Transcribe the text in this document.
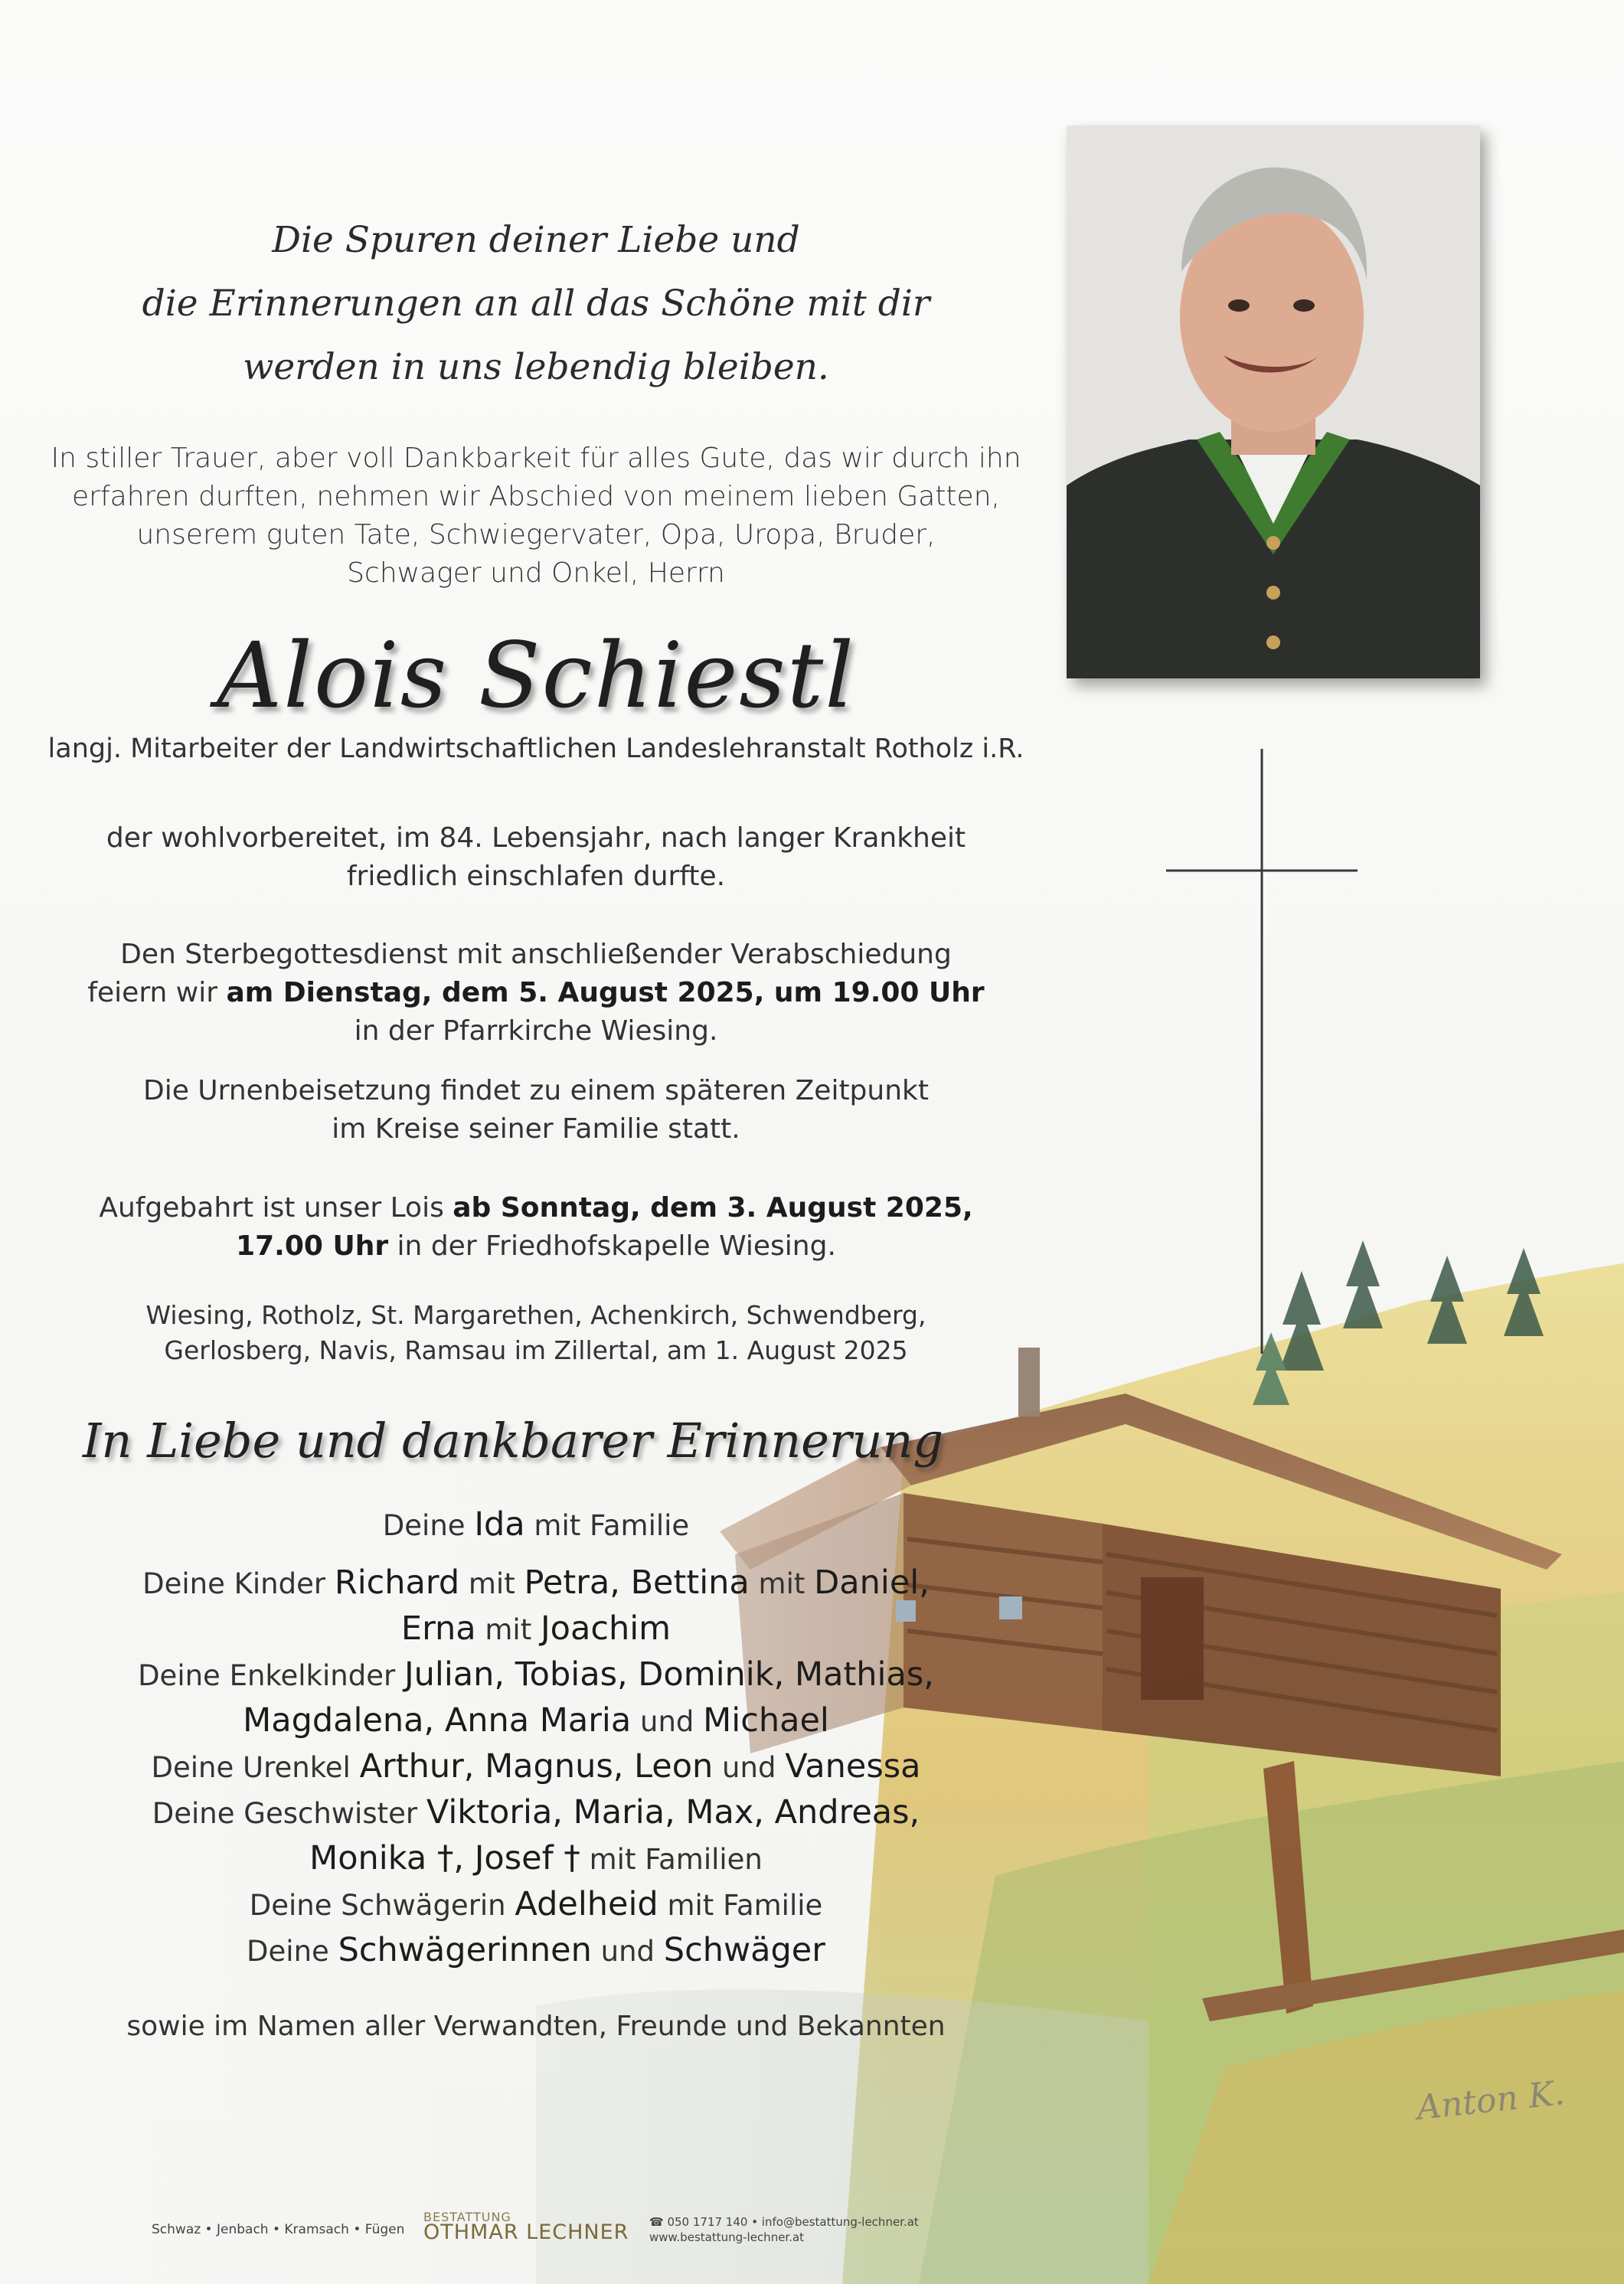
Die Spuren deiner Liebe und
die Erinnerungen an all das Schöne mit dir
werden in uns lebendig bleiben.
In stiller Trauer, aber voll Dankbarkeit für alles Gute, das wir durch ihn
erfahren durften, nehmen wir Abschied von meinem lieben Gatten,
unserem guten Tate, Schwiegervater, Opa, Uropa, Bruder,
Schwager und Onkel, Herrn
Alois Schiestl
langj. Mitarbeiter der Landwirtschaftlichen Landeslehranstalt Rotholz i.R.
der wohlvorbereitet, im 84. Lebensjahr, nach langer Krankheit
friedlich einschlafen durfte.
Den Sterbegottesdienst mit anschließender Verabschiedung
feiern wir am Dienstag, dem 5. August 2025, um 19.00 Uhr
in der Pfarrkirche Wiesing.
Die Urnenbeisetzung findet zu einem späteren Zeitpunkt
im Kreise seiner Familie statt.
Aufgebahrt ist unser Lois ab Sonntag, dem 3. August 2025,
17.00 Uhr in der Friedhofskapelle Wiesing.
Wiesing, Rotholz, St. Margarethen, Achenkirch, Schwendberg,
Gerlosberg, Navis, Ramsau im Zillertal, am 1. August 2025
In Liebe und dankbarer Erinnerung
Deine Ida mit Familie
Deine Kinder Richard mit Petra, Bettina mit Daniel,
Erna mit Joachim
Deine Enkelkinder Julian, Tobias, Dominik, Mathias,
Magdalena, Anna Maria und Michael
Deine Urenkel Arthur, Magnus, Leon und Vanessa
Deine Geschwister Viktoria, Maria, Max, Andreas,
Monika †, Josef † mit Familien
Deine Schwägerin Adelheid mit Familie
Deine Schwägerinnen und Schwäger
sowie im Namen aller Verwandten, Freunde und Bekannten
Anton K.
Schwaz • Jenbach • Kramsach • Fügen
BESTATTUNG
OTHMAR LECHNER ☎ 050 1717 140 • info@bestattung-lechner.at
www.bestattung-lechner.at
